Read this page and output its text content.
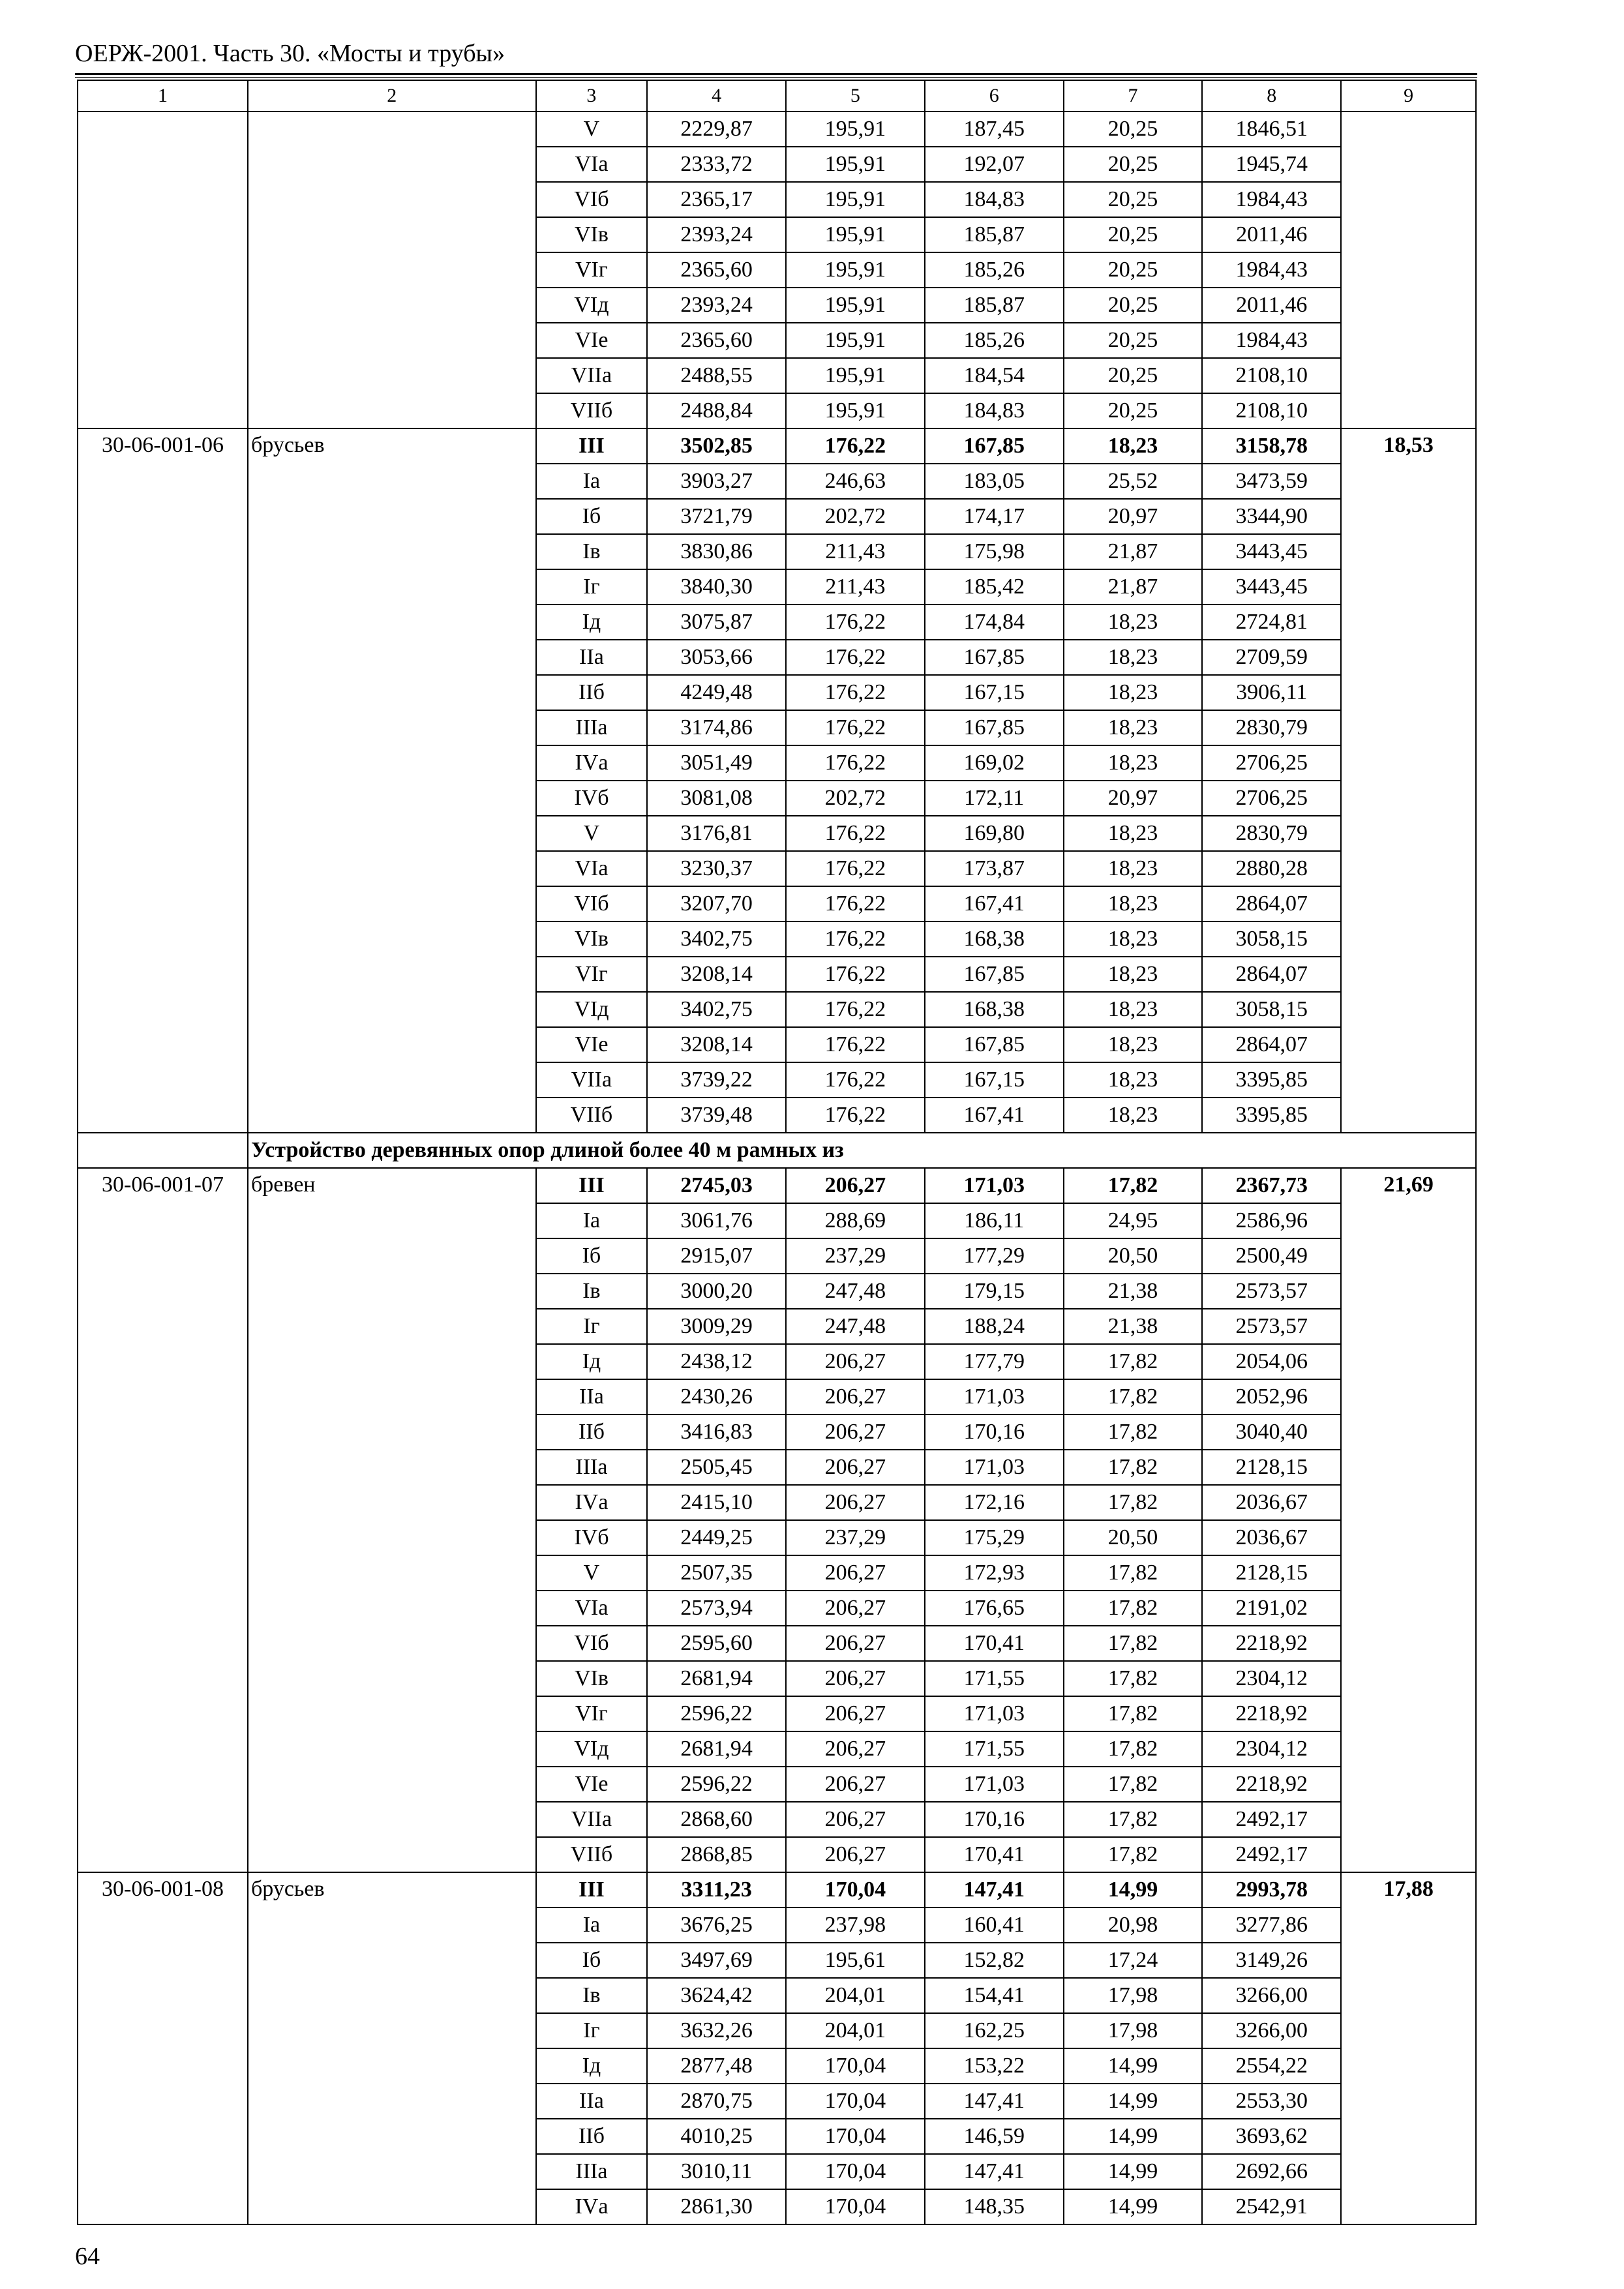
ОЕРЖ-2001. Часть 30. «Мосты и трубы»
1	2	3	4	5	6	7	8	9
		V	2229,87	195,91	187,45	20,25	1846,51	
		VIа	2333,72	195,91	192,07	20,25	1945,74	
		VIб	2365,17	195,91	184,83	20,25	1984,43	
		VIв	2393,24	195,91	185,87	20,25	2011,46	
		VIг	2365,60	195,91	185,26	20,25	1984,43	
		VIд	2393,24	195,91	185,87	20,25	2011,46	
		VIе	2365,60	195,91	185,26	20,25	1984,43	
		VIIа	2488,55	195,91	184,54	20,25	2108,10	
		VIIб	2488,84	195,91	184,83	20,25	2108,10	
30-06-001-06	брусьев	III	3502,85	176,22	167,85	18,23	3158,78	18,53
		Iа	3903,27	246,63	183,05	25,52	3473,59	
		Iб	3721,79	202,72	174,17	20,97	3344,90	
		Iв	3830,86	211,43	175,98	21,87	3443,45	
		Iг	3840,30	211,43	185,42	21,87	3443,45	
		Iд	3075,87	176,22	174,84	18,23	2724,81	
		IIа	3053,66	176,22	167,85	18,23	2709,59	
		IIб	4249,48	176,22	167,15	18,23	3906,11	
		IIIа	3174,86	176,22	167,85	18,23	2830,79	
		IVа	3051,49	176,22	169,02	18,23	2706,25	
		IVб	3081,08	202,72	172,11	20,97	2706,25	
		V	3176,81	176,22	169,80	18,23	2830,79	
		VIа	3230,37	176,22	173,87	18,23	2880,28	
		VIб	3207,70	176,22	167,41	18,23	2864,07	
		VIв	3402,75	176,22	168,38	18,23	3058,15	
		VIг	3208,14	176,22	167,85	18,23	2864,07	
		VIд	3402,75	176,22	168,38	18,23	3058,15	
		VIе	3208,14	176,22	167,85	18,23	2864,07	
		VIIа	3739,22	176,22	167,15	18,23	3395,85	
		VIIб	3739,48	176,22	167,41	18,23	3395,85	
	Устройство деревянных опор длиной более 40 м рамных из							
30-06-001-07	бревен	III	2745,03	206,27	171,03	17,82	2367,73	21,69
		Iа	3061,76	288,69	186,11	24,95	2586,96	
		Iб	2915,07	237,29	177,29	20,50	2500,49	
		Iв	3000,20	247,48	179,15	21,38	2573,57	
		Iг	3009,29	247,48	188,24	21,38	2573,57	
		Iд	2438,12	206,27	177,79	17,82	2054,06	
		IIа	2430,26	206,27	171,03	17,82	2052,96	
		IIб	3416,83	206,27	170,16	17,82	3040,40	
		IIIа	2505,45	206,27	171,03	17,82	2128,15	
		IVа	2415,10	206,27	172,16	17,82	2036,67	
		IVб	2449,25	237,29	175,29	20,50	2036,67	
		V	2507,35	206,27	172,93	17,82	2128,15	
		VIа	2573,94	206,27	176,65	17,82	2191,02	
		VIб	2595,60	206,27	170,41	17,82	2218,92	
		VIв	2681,94	206,27	171,55	17,82	2304,12	
		VIг	2596,22	206,27	171,03	17,82	2218,92	
		VIд	2681,94	206,27	171,55	17,82	2304,12	
		VIе	2596,22	206,27	171,03	17,82	2218,92	
		VIIа	2868,60	206,27	170,16	17,82	2492,17	
		VIIб	2868,85	206,27	170,41	17,82	2492,17	
30-06-001-08	брусьев	III	3311,23	170,04	147,41	14,99	2993,78	17,88
		Iа	3676,25	237,98	160,41	20,98	3277,86	
		Iб	3497,69	195,61	152,82	17,24	3149,26	
		Iв	3624,42	204,01	154,41	17,98	3266,00	
		Iг	3632,26	204,01	162,25	17,98	3266,00	
		Iд	2877,48	170,04	153,22	14,99	2554,22	
		IIа	2870,75	170,04	147,41	14,99	2553,30	
		IIб	4010,25	170,04	146,59	14,99	3693,62	
		IIIа	3010,11	170,04	147,41	14,99	2692,66	
		IVа	2861,30	170,04	148,35	14,99	2542,91	
64
